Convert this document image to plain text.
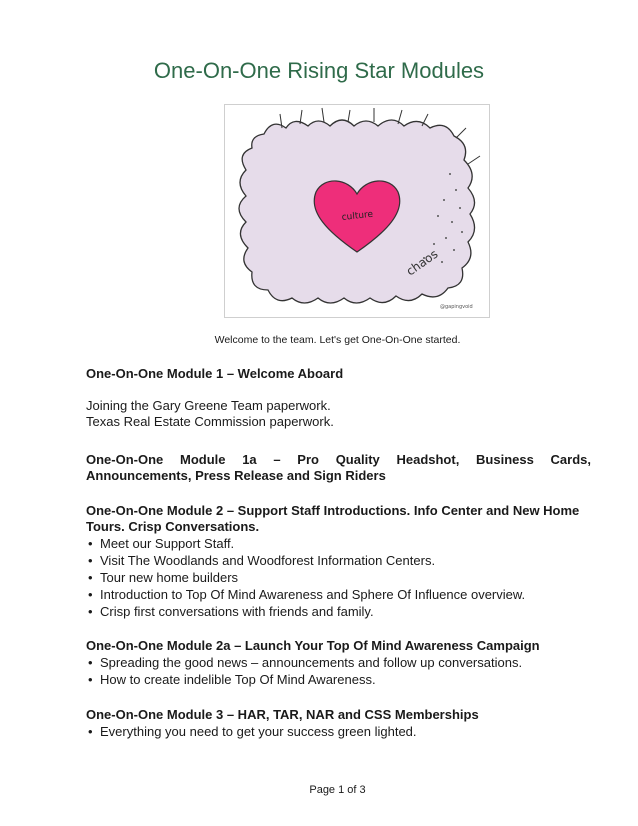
One-On-One Rising Star Modules
culture
chaos
@gapingvoid
Welcome to the team. Let's get One-On-One started.
One-On-One Module 1 – Welcome Aboard
Joining the Gary Greene Team paperwork.
Texas Real Estate Commission paperwork.
One-On-One Module 1a – Pro Quality Headshot, Business Cards, Announcements, Press Release and Sign Riders
One-On-One Module 2 – Support Staff Introductions. Info Center and New Home Tours. Crisp Conversations.
• Meet our Support Staff.
• Visit The Woodlands and Woodforest Information Centers.
• Tour new home builders
• Introduction to Top Of Mind Awareness and Sphere Of Influence overview.
• Crisp first conversations with friends and family.
One-On-One Module 2a – Launch Your Top Of Mind Awareness Campaign
• Spreading the good news – announcements and follow up conversations.
• How to create indelible Top Of Mind Awareness.
One-On-One Module 3 – HAR, TAR, NAR and CSS Memberships
• Everything you need to get your success green lighted.
Page 1 of 3
